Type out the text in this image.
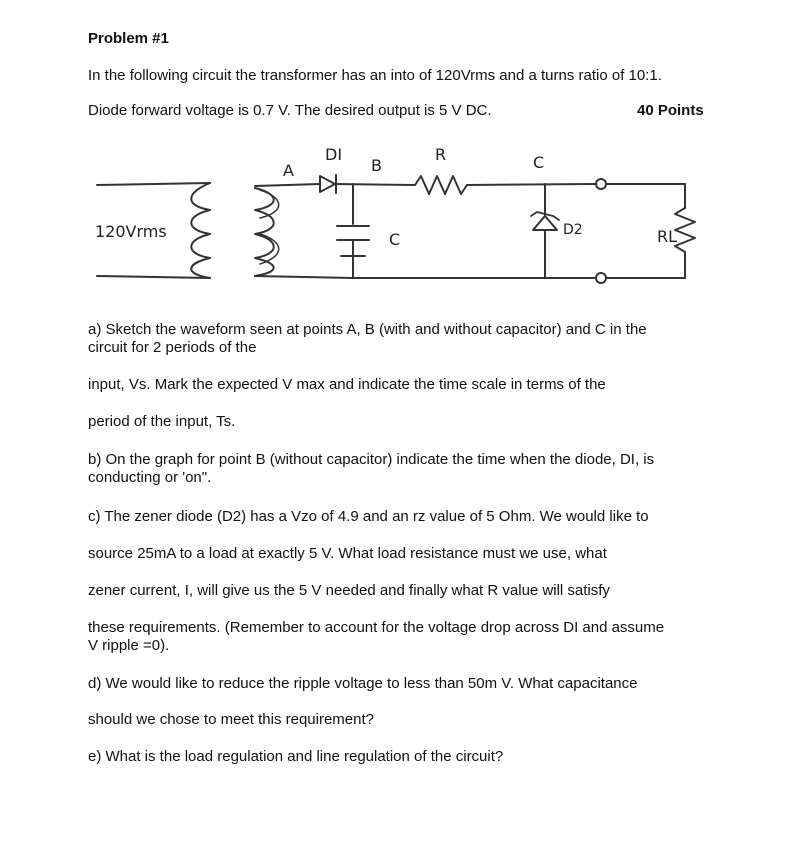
Problem #1
In the following circuit the transformer has an into of 120Vrms and a turns ratio of 10:1.
Diode forward voltage is 0.7 V. The desired output is 5 V DC.	40 Points
120Vrms
A
DI
B
C
R	C
D2	RL
a) Sketch the waveform seen at points A, B (with and without capacitor) and C in the
circuit for 2 periods of the
input, Vs. Mark the expected V max and indicate the time scale in terms of the
period of the input, Ts.
b) On the graph for point B (without capacitor) indicate the time when the diode, DI, is
conducting or 'on".
c) The zener diode (D2) has a Vzo of 4.9 and an rz value of 5 Ohm. We would like to
source 25mA to a load at exactly 5 V. What load resistance must we use, what
zener current, I, will give us the 5 V needed and finally what R value will satisfy
these requirements. (Remember to account for the voltage drop across DI and assume
V ripple =0).
d) We would like to reduce the ripple voltage to less than 50m V. What capacitance
should we chose to meet this requirement?
e) What is the load regulation and line regulation of the circuit?
